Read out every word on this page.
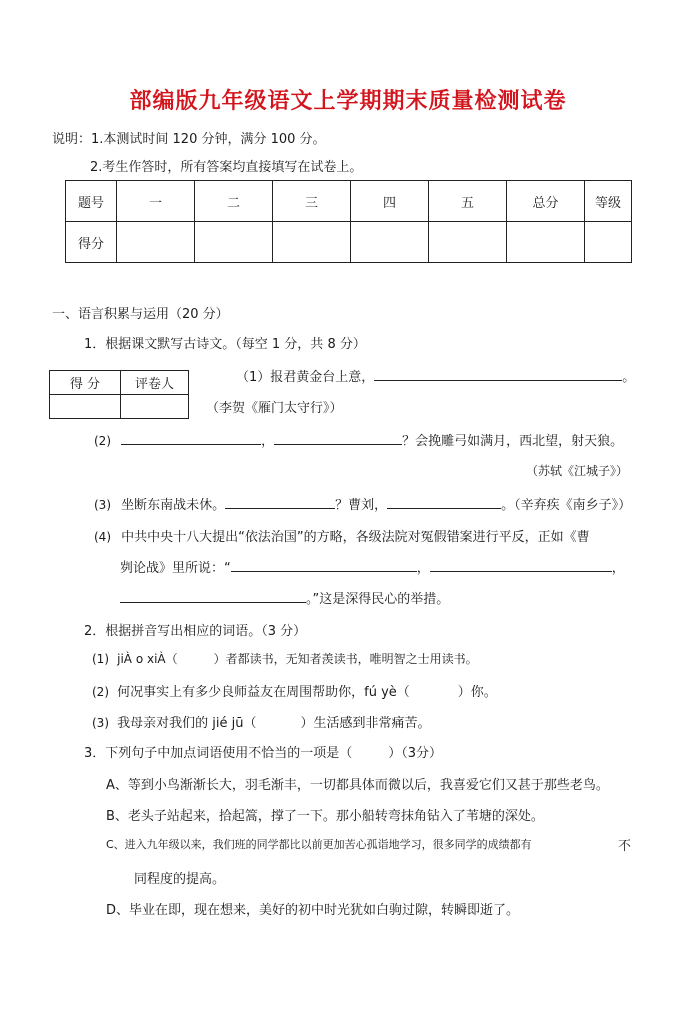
部编版九年级语文上学期期末质量检测试卷
说明：1.本测试时间 120 分钟，满分 100 分。
2.考生作答时，所有答案均直接填写在试卷上。
题号	一	二	三	四	五	总分	等级
得分							
一、语言积累与运用（20 分）
1．根据课文默写古诗文。（每空 1 分，共 8 分）
得 分	评卷人
		（1）报君黄金台上意，	。
（李贺《雁门太守行》）
(2)	，	？会挽雕弓如满月，西北望，射天狼。
（苏轼《江城子》）
(3) 坐断东南战未休。	？曹刘，	。（辛弃疾《南乡子》）
(4) 中共中央十八大提出“依法治国”的方略，各级法院对冤假错案进行平反，正如《曹
刿论战》里所说：“	，	，
。”这是深得民心的举措。
2．根据拼音写出相应的词语。（3 分）
(1) jiÀ o xiÀ（	）者都读书，无知者羡读书，唯明智之士用读书。
(2) 何况事实上有多少良师益友在周围帮助你，fú yè（	）你。
(3) 我母亲对我们的 jié jū（	）生活感到非常痛苦。
3．下列句子中加点词语使用不恰当的一项是（	）（3分）
A、等到小鸟渐渐长大，羽毛渐丰，一切都具体而微以后，我喜爱它们又甚于那些老鸟。
B、老头子站起来，拾起篙，撑了一下。那小船转弯抹角钻入了苇塘的深处。
C、进入九年级以来，我们班的同学都比以前更加苦心孤诣地学习，很多同学的成绩都有	不
同程度的提高。
D、毕业在即，现在想来，美好的初中时光犹如白驹过隙，转瞬即逝了。
